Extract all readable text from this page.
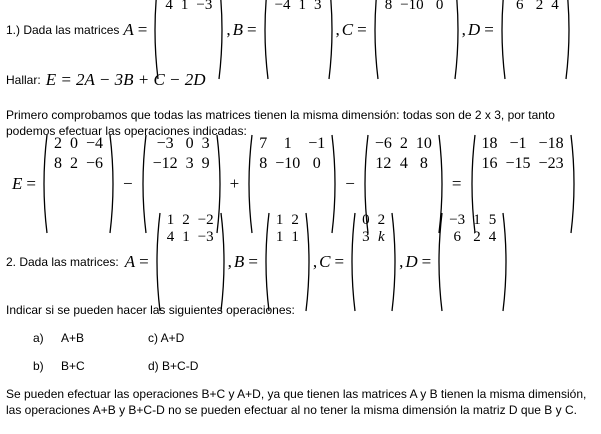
1.) Dada las matrices A =
4 1 −3
, B =
−4 1 3
, C =
8 −10 0
, D =
6 2 4
Hallar: E = 2A − 3B + C − 2D
Primero comprobamos que todas las matrices tienen la misma dimensión: todas son de 2 x 3, por tanto
podemos efectuar las operaciones indicadas:
E =
2 0 −4
8 2 −6
−
−3 0 3
−12 3 9
+
7	1	−1
8 −10 0
−
−6 2 10
12 4 8
=
18 −1 −18
16 −15 −23
2. Dada las matrices: A =
1 2 −2
4 1 −3
, B =
1 2
1 1
, C =
0 2
3 k
, D =
−3 1 5
6 2 4
Indicar si se pueden hacer las siguientes operaciones:
a) A+B	c) A+D
b) B+C	d) B+C-D
Se pueden efectuar las operaciones B+C y A+D, ya que tienen las matrices A y B tienen la misma dimensión,
las operaciones A+B y B+C-D no se pueden efectuar al no tener la misma dimensión la matriz D que B y C.
